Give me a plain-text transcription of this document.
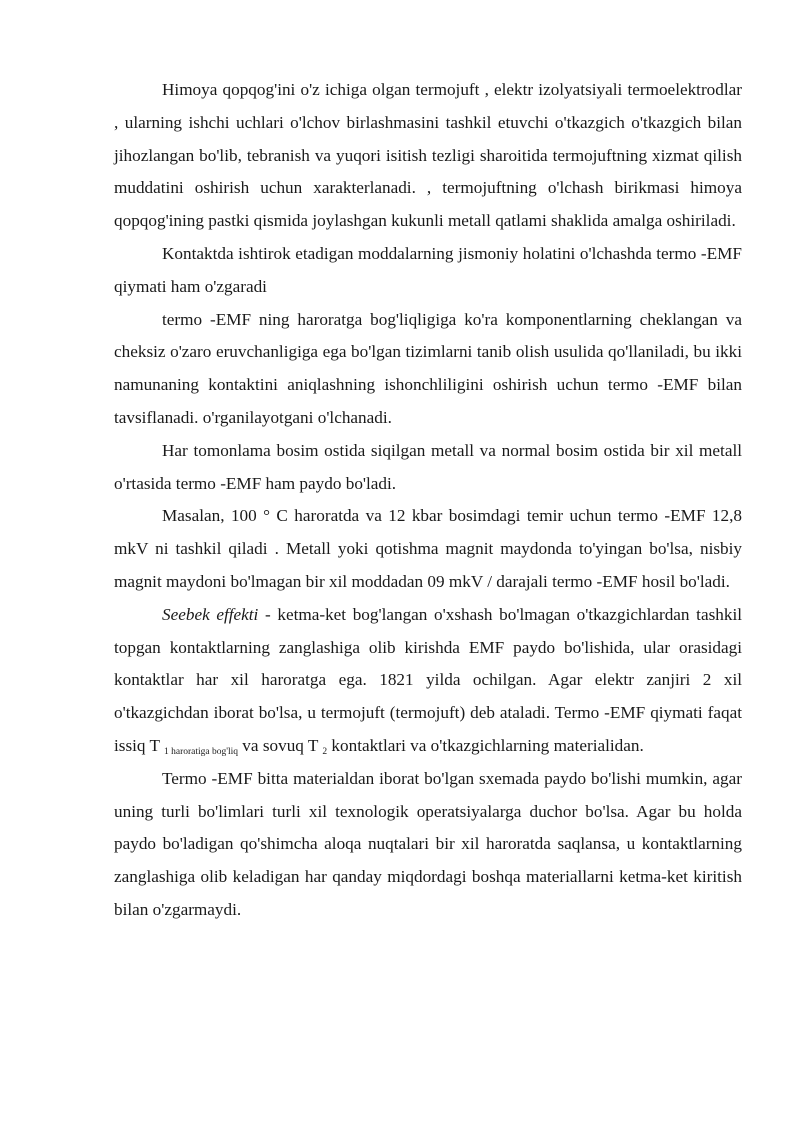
Himoya qopqog'ini o'z ichiga olgan termojuft , elektr izolyatsiyali termoelektrodlar , ularning ishchi uchlari o'lchov birlashmasini tashkil etuvchi o'tkazgich o'tkazgich bilan jihozlangan bo'lib, tebranish va yuqori isitish tezligi sharoitida termojuftning xizmat qilish muddatini oshirish uchun xarakterlanadi. , termojuftning o'lchash birikmasi himoya qopqog'ining pastki qismida joylashgan kukunli metall qatlami shaklida amalga oshiriladi.

Kontaktda ishtirok etadigan moddalarning jismoniy holatini o'lchashda termo -EMF qiymati ham o'zgaradi

termo -EMF ning haroratga bog'liqligiga ko'ra komponentlarning cheklangan va cheksiz o'zaro eruvchanligiga ega bo'lgan tizimlarni tanib olish usulida qo'llaniladi, bu ikki namunaning kontaktini aniqlashning ishonchliligini oshirish uchun termo -EMF bilan tavsiflanadi. o'rganilayotgani o'lchanadi.

Har tomonlama bosim ostida siqilgan metall va normal bosim ostida bir xil metall o'rtasida termo -EMF ham paydo bo'ladi.

Masalan, 100 ° C haroratda va 12 kbar bosimdagi temir uchun termo -EMF 12,8 mkV ni tashkil qiladi . Metall yoki qotishma magnit maydonda to'yingan bo'lsa, nisbiy magnit maydoni bo'lmagan bir xil moddadan 09 mkV / darajali termo -EMF hosil bo'ladi.

Seebek effekti - ketma-ket bog'langan o'xshash bo'lmagan o'tkazgichlardan tashkil topgan kontaktlarning zanglashiga olib kirishda EMF paydo bo'lishida, ular orasidagi kontaktlar har xil haroratga ega. 1821 yilda ochilgan. Agar elektr zanjiri 2 xil o'tkazgichdan iborat bo'lsa, u termojuft (termojuft) deb ataladi. Termo -EMF qiymati faqat issiq T $_{1 haroratiga bog'liq}$ va sovuq T $_2$ kontaktlari va o'tkazgichlarning materialidan.

Termo -EMF bitta materialdan iborat bo'lgan sxemada paydo bo'lishi mumkin, agar uning turli bo'limlari turli xil texnologik operatsiyalarga duchor bo'lsa. Agar bu holda paydo bo'ladigan qo'shimcha aloqa nuqtalari bir xil haroratda saqlansa, u kontaktlarning zanglashiga olib keladigan har qanday miqdordagi boshqa materiallarni ketma-ket kiritish bilan o'zgarmaydi.
